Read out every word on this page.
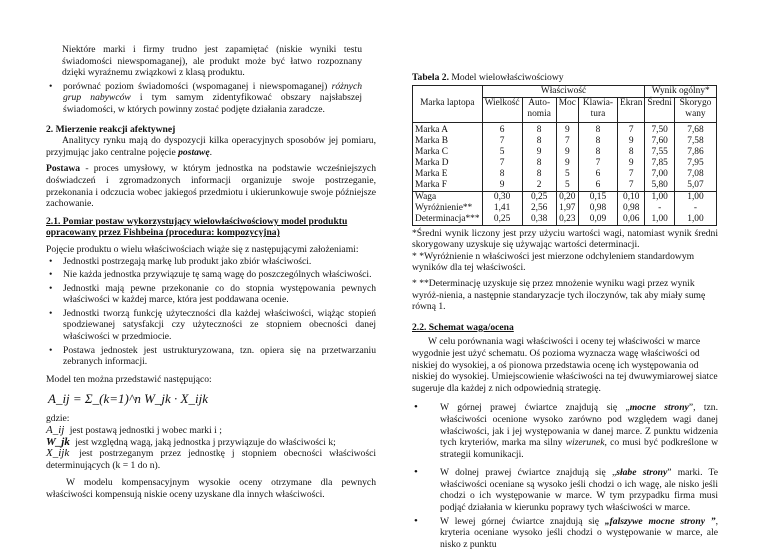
Niektóre marki i firmy trudno jest zapamiętać (niskie wyniki testu świadomości niewspomaganej), ale produkt może być łatwo rozpoznany dzięki wyraźnemu związkowi z klasą produktu.

• porównać poziom świadomości (wspomaganej i niewspomaganej) różnych grup nabywców i tym samym zidentyfikować obszary najsłabszej świadomości, w których powinny zostać podjęte działania zaradcze.

2. Mierzenie reakcji afektywnej

Analitycy rynku mają do dyspozycji kilka operacyjnych sposobów jej pomiaru, przyjmując jako centralne pojęcie postawę.

Postawa - proces umysłowy, w którym jednostka na podstawie wcześniejszych doświadczeń i zgromadzonych informacji organizuje swoje postrzeganie, przekonania i odczucia wobec jakiegoś przedmiotu i ukierunkowuje swoje późniejsze zachowanie.

2.1. Pomiar postaw wykorzystujący wielowłaściwościowy model produktu opracowany przez Fishbeina (procedura: kompozycyjna)

Pojęcie produktu o wielu właściwościach wiąże się z następującymi założeniami:

• Jednostki postrzegają markę lub produkt jako zbiór właściwości.

• Nie każda jednostka przywiązuje tę samą wagę do poszczególnych właściwości.

• Jednostki mają pewne przekonanie co do stopnia występowania pewnych właściwości w każdej marce, która jest poddawana ocenie.

• Jednostki tworzą funkcję użyteczności dla każdej właściwości, wiążąc stopień spodziewanej satysfakcji czy użyteczności ze stopniem obecności danej właściwości w przedmiocie.

• Postawa jednostek jest ustrukturyzowana, tzn. opiera się na przetwarzaniu zebranych informacji.

Model ten można przedstawić następująco:

A_ij = Σ_(k=1)^n W_jk · X_ijk

gdzie:

A_ij jest postawą jednostki j wobec marki i ;

W_jk jest względną wagą, jaką jednostka j przywiązuje do właściwości k;

X_ijk jest postrzeganym przez jednostkę j stopniem obecności właściwości determinujących (k = 1 do n).

W modelu kompensacyjnym wysokie oceny otrzymane dla pewnych właściwości kompensują niskie oceny uzyskane dla innych właściwości.

Tabela 2. Model wielowłaściwościowy

Marka laptopa	Właściwość					Wynik ogólny*	
	Wielkość	Auto- nomia	Moc	Klawia- tura	Ekran	Średni	Skorygo wany
Marka A	6	8	9	8	7	7,50	7,68
Marka B	7	8	7	8	9	7,60	7,58
Marka C	5	9	9	8	8	7,55	7,86
Marka D	7	8	9	7	9	7,85	7,95
Marka E	8	8	5	6	7	7,00	7,08
Marka F	9	2	5	6	7	5,80	5,07
Waga	0,30	0,25	0,20	0,15	0,10	1,00	1,00
Wyróżnienie**	1,41	2,56	1,97	0,98	0,98	-	-
Determinacja***	0,25	0,38	0,23	0,09	0,06	1,00	1,00

*Średni wynik liczony jest przy użyciu wartości wagi, natomiast wynik średni skorygowany uzyskuje się używając wartości determinacji.

* *Wyróżnienie n właściwości jest mierzone odchyleniem standardowym wyników dla tej właściwości.

* **Determinację uzyskuje się przez mnożenie wyniku wagi przez wynik wyróż-nienia, a następnie standaryzacje tych iloczynów, tak aby miały sumę równą 1.

2.2. Schemat waga/ocena

W celu porównania wagi właściwości i oceny tej właściwości w marce wygodnie jest użyć schematu. Oś pozioma wyznacza wagę właściwości od niskiej do wysokiej, a oś pionowa przedstawia ocenę ich występowania od niskiej do wysokiej. Umiejscowienie właściwości na tej dwuwymiarowej siatce sugeruje dla każdej z nich odpowiednią strategię.

• W górnej prawej ćwiartce znajdują się „mocne strony”, tzn. właściwości ocenione wysoko zarówno pod względem wagi danej właściwości, jak i jej występowania w danej marce. Z punktu widzenia tych kryteriów, marka ma silny wizerunek, co musi być podkreślone w strategii komunikacji.

• W dolnej prawej ćwiartce znajdują się „słabe strony” marki. Te właściwości oceniane są wysoko jeśli chodzi o ich wagę, ale nisko jeśli chodzi o ich występowanie w marce. W tym przypadku firma musi podjąć działania w kierunku poprawy tych właściwości w marce.

• W lewej górnej ćwiartce znajdują się „falszywe mocne strony ”, kryteria oceniane wysoko jeśli chodzi o występowanie w marce, ale nisko z punktu
